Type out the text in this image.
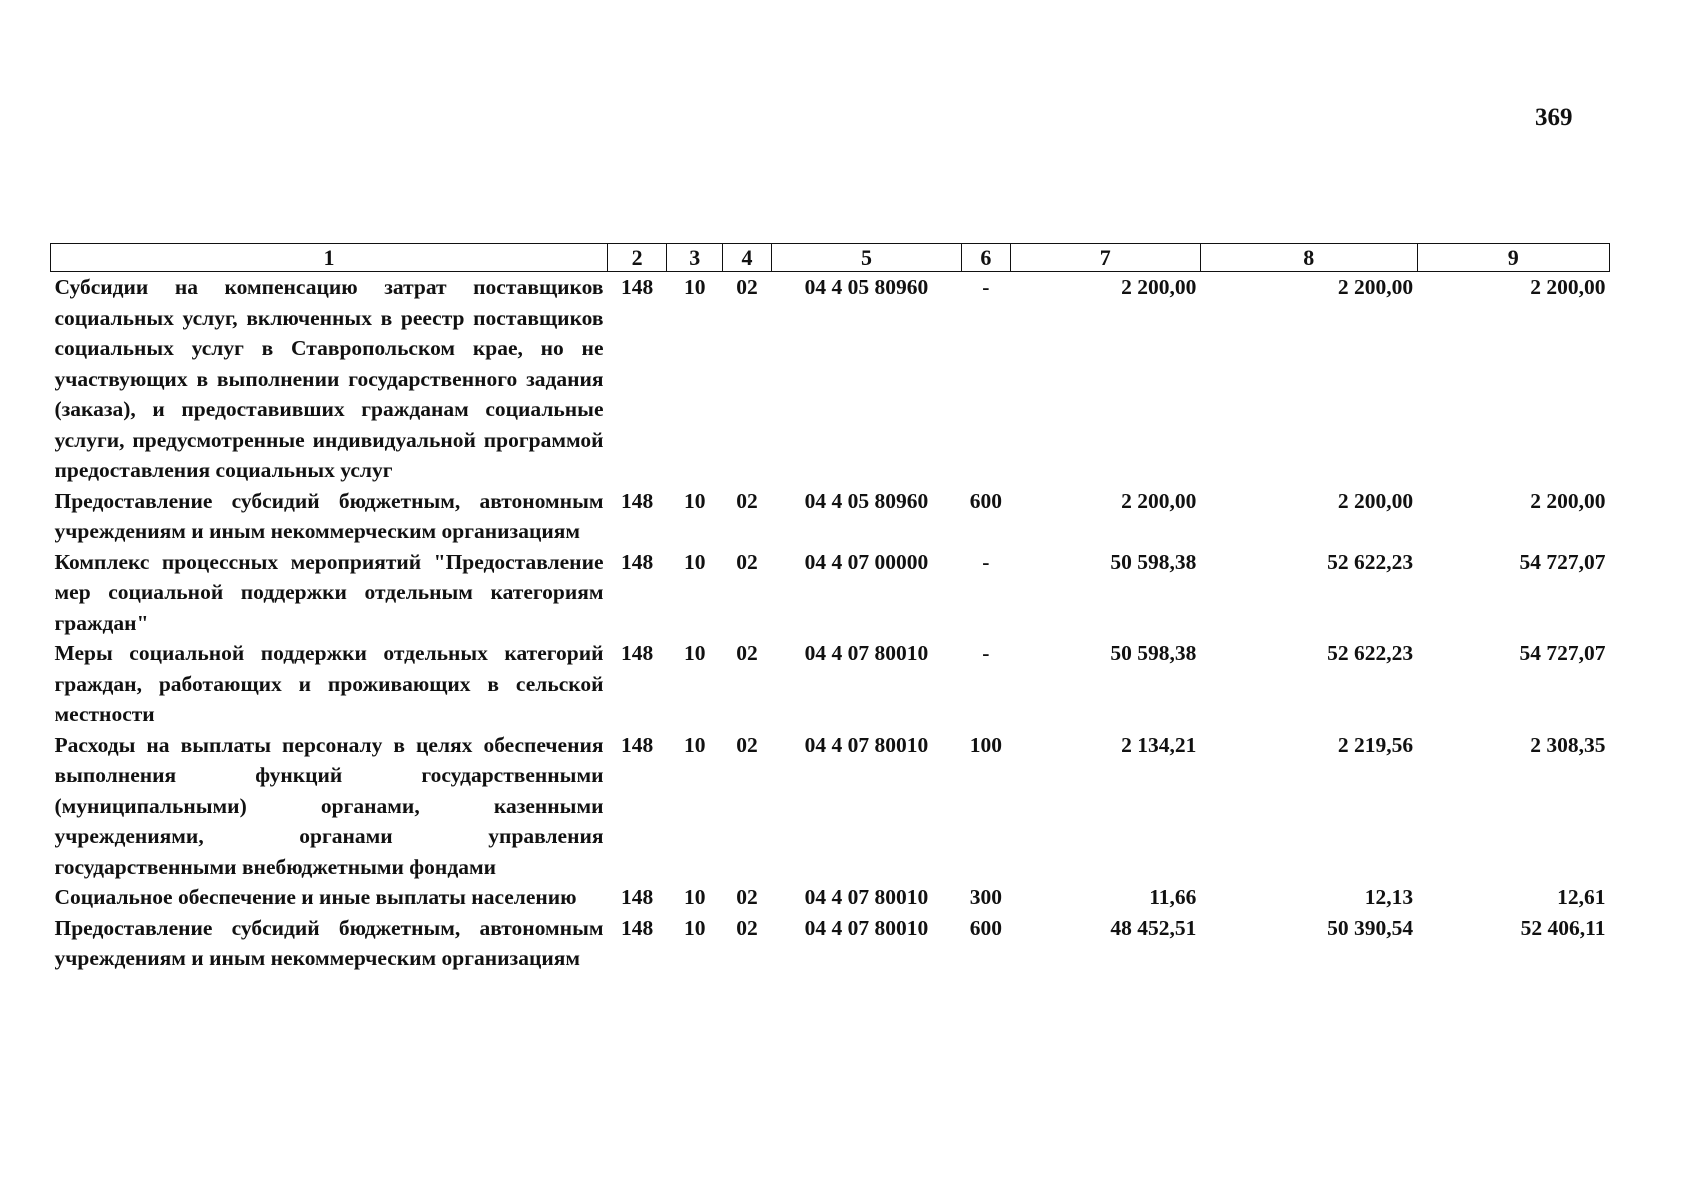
369
1	2	3	4	5	6	7	8	9
Субсидии на компенсацию затрат поставщиков социальных услуг, включенных в реестр поставщиков социальных услуг в Ставропольском крае, но не участвующих в выполнении государственного задания (заказа), и предоставивших гражданам социальные услуги, предусмотренные индивидуальной программой предоставления социальных услуг	148	10	02	04 4 05 80960	-	2 200,00	2 200,00	2 200,00
Предоставление субсидий бюджетным, автономным учреждениям и иным некоммерческим организациям	148	10	02	04 4 05 80960	600	2 200,00	2 200,00	2 200,00
Комплекс процессных мероприятий "Предоставление мер социальной поддержки отдельным категориям граждан"	148	10	02	04 4 07 00000	-	50 598,38	52 622,23	54 727,07
Меры социальной поддержки отдельных категорий граждан, работающих и проживающих в сельской местности	148	10	02	04 4 07 80010	-	50 598,38	52 622,23	54 727,07
Расходы на выплаты персоналу в целях обеспечения выполнения функций государственными (муниципальными) органами, казенными учреждениями, органами управления государственными внебюджетными фондами	148	10	02	04 4 07 80010	100	2 134,21	2 219,56	2 308,35
Социальное обеспечение и иные выплаты населению	148	10	02	04 4 07 80010	300	11,66	12,13	12,61
Предоставление субсидий бюджетным, автономным учреждениям и иным некоммерческим организациям	148	10	02	04 4 07 80010	600	48 452,51	50 390,54	52 406,11
